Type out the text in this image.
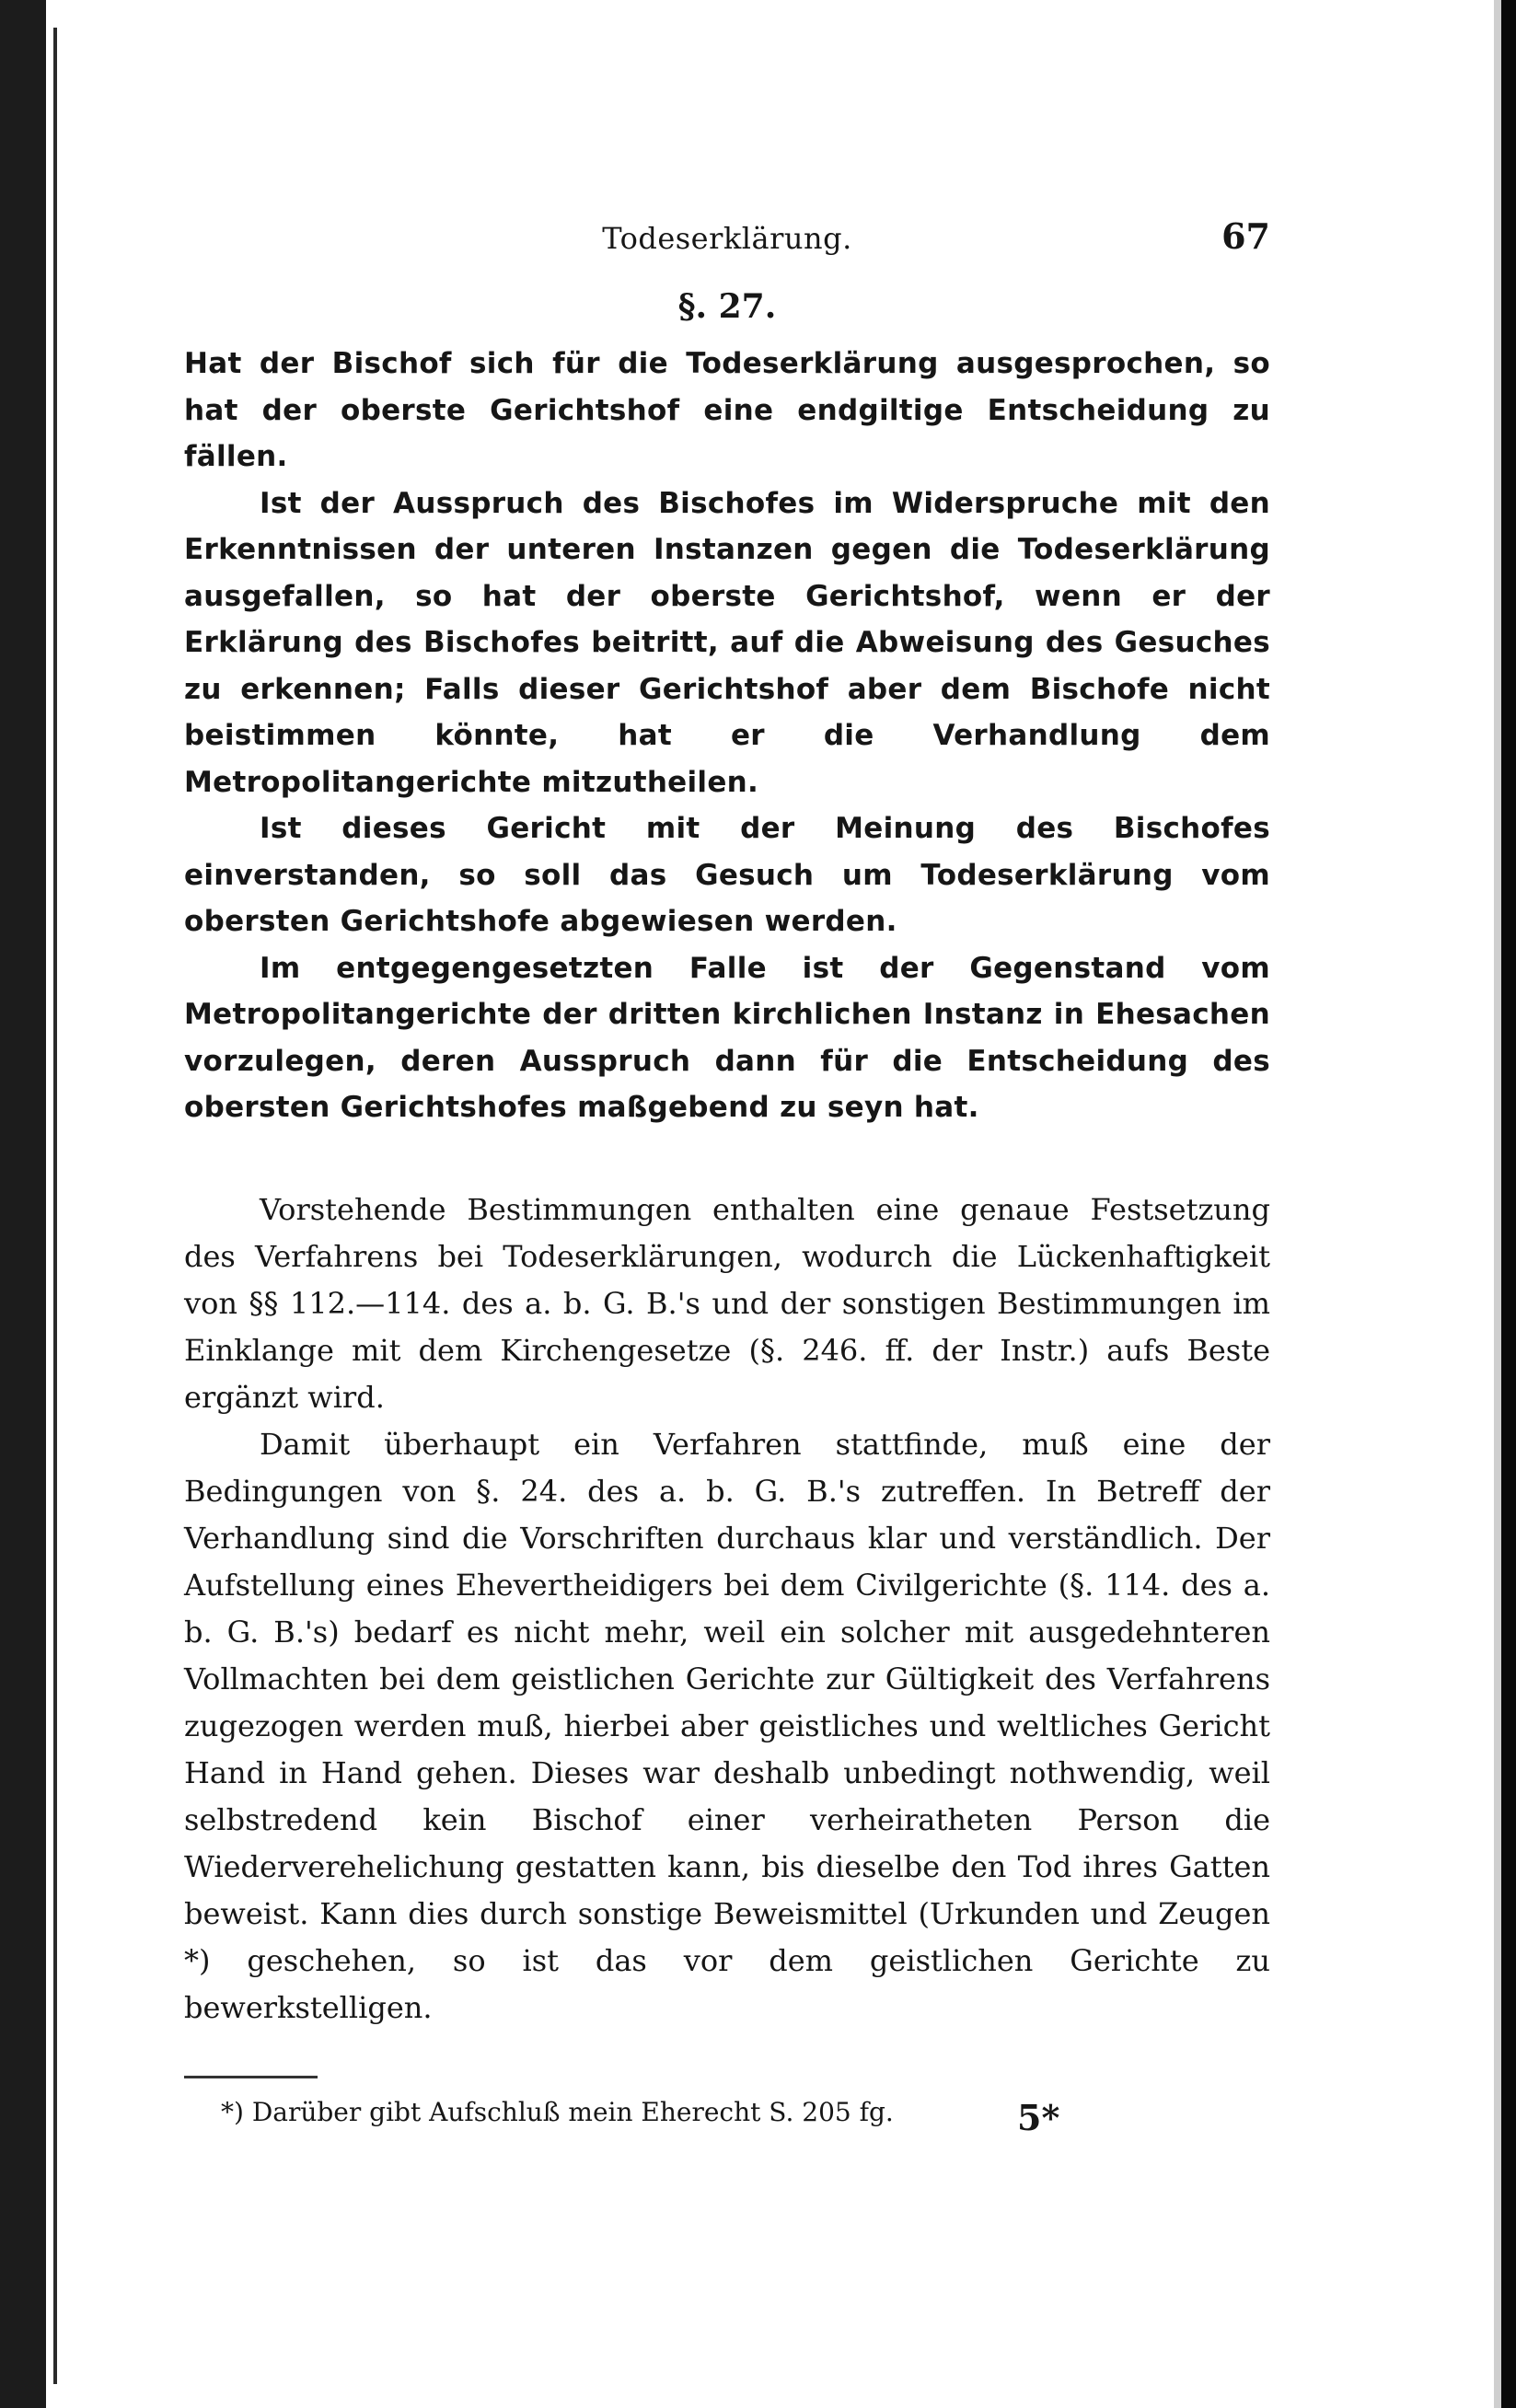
Todeserklärung.	67
§. 27.

Hat der Bischof sich für die Todeserklärung ausgesprochen, so hat der oberste Gerichtshof eine endgiltige Entscheidung zu fällen.

Ist der Ausspruch des Bischofes im Widerspruche mit den Erkenntnissen der unteren Instanzen gegen die Todeserklärung ausgefallen, so hat der oberste Gerichtshof, wenn er der Erklärung des Bischofes beitritt, auf die Abweisung des Gesuches zu erkennen; Falls dieser Gerichtshof aber dem Bischofe nicht beistimmen könnte, hat er die Verhandlung dem Metropolitangerichte mitzutheilen.

Ist dieses Gericht mit der Meinung des Bischofes einverstanden, so soll das Gesuch um Todeserklärung vom obersten Gerichtshofe abgewiesen werden.

Im entgegengesetzten Falle ist der Gegenstand vom Metropolitangerichte der dritten kirchlichen Instanz in Ehesachen vorzulegen, deren Ausspruch dann für die Entscheidung des obersten Gerichtshofes maßgebend zu seyn hat.

Vorstehende Bestimmungen enthalten eine genaue Festsetzung des Verfahrens bei Todeserklärungen, wodurch die Lückenhaftigkeit von §§ 112.—114. des a. b. G. B.'s und der sonstigen Bestimmungen im Einklange mit dem Kirchengesetze (§. 246. ff. der Instr.) aufs Beste ergänzt wird.

Damit überhaupt ein Verfahren stattfinde, muß eine der Bedingungen von §. 24. des a. b. G. B.'s zutreffen. In Betreff der Verhandlung sind die Vorschriften durchaus klar und verständlich. Der Aufstellung eines Ehevertheidigers bei dem Civilgerichte (§. 114. des a. b. G. B.'s) bedarf es nicht mehr, weil ein solcher mit ausgedehnteren Vollmachten bei dem geistlichen Gerichte zur Gültigkeit des Verfahrens zugezogen werden muß, hierbei aber geistliches und weltliches Gericht Hand in Hand gehen. Dieses war deshalb unbedingt nothwendig, weil selbstredend kein Bischof einer verheiratheten Person die Wiederverehelichung gestatten kann, bis dieselbe den Tod ihres Gatten beweist. Kann dies durch sonstige Beweismittel (Urkunden und Zeugen *) geschehen, so ist das vor dem geistlichen Gerichte zu bewerkstelligen.

*) Darüber gibt Aufschluß mein Eherecht S. 205 fg.	5*
